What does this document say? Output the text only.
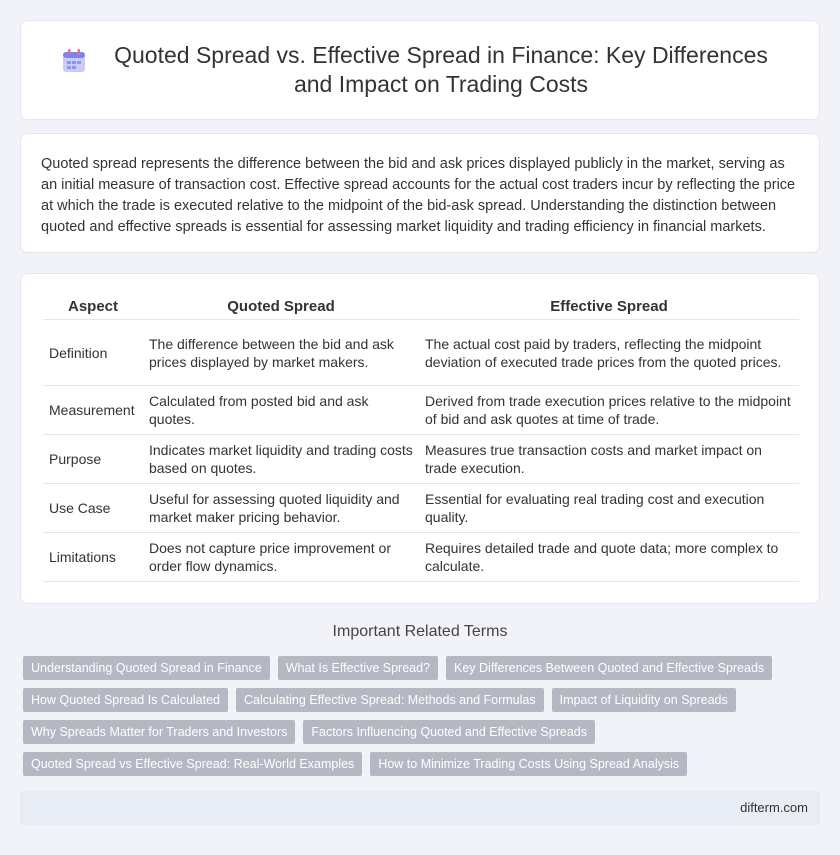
Quoted Spread vs. Effective Spread in Finance: Key Differences and Impact on Trading Costs

Quoted spread represents the difference between the bid and ask prices displayed publicly in the market, serving as an initial measure of transaction cost. Effective spread accounts for the actual cost traders incur by reflecting the price at which the trade is executed relative to the midpoint of the bid-ask spread. Understanding the distinction between quoted and effective spreads is essential for assessing market liquidity and trading efficiency in financial markets.

Aspect	Quoted Spread	Effective Spread
Definition	The difference between the bid and ask prices displayed by market makers.	The actual cost paid by traders, reflecting the midpoint deviation of executed trade prices from the quoted prices.
Measurement	Calculated from posted bid and ask quotes.	Derived from trade execution prices relative to the midpoint of bid and ask quotes at time of trade.
Purpose	Indicates market liquidity and trading costs based on quotes.	Measures true transaction costs and market impact on trade execution.
Use Case	Useful for assessing quoted liquidity and market maker pricing behavior.	Essential for evaluating real trading cost and execution quality.
Limitations	Does not capture price improvement or order flow dynamics.	Requires detailed trade and quote data; more complex to calculate.
Important Related Terms
Understanding Quoted Spread in Finance	What Is Effective Spread?	Key Differences Between Quoted and Effective Spreads
How Quoted Spread Is Calculated	Calculating Effective Spread: Methods and Formulas	Impact of Liquidity on Spreads
Why Spreads Matter for Traders and Investors	Factors Influencing Quoted and Effective Spreads
Quoted Spread vs Effective Spread: Real-World Examples	How to Minimize Trading Costs Using Spread Analysis
difterm.com
